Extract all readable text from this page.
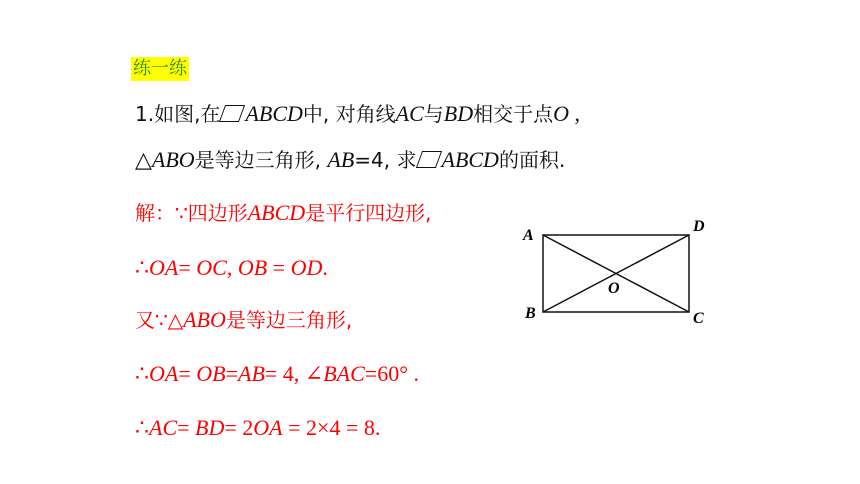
练一练
1.如图,在 ABCD中, 对角线AC与BD相交于点O ,
△ABO是等边三角形, AB=4, 求 ABCD的面积.
解：∵四边形ABCD是平行四边形,
∴OA= OC, OB = OD.
又∵△ABO是等边三角形,
∴OA= OB=AB= 4, ∠BAC=60° .
∴AC= BD= 2OA = 2×4 = 8.
A
B	C
D
O
